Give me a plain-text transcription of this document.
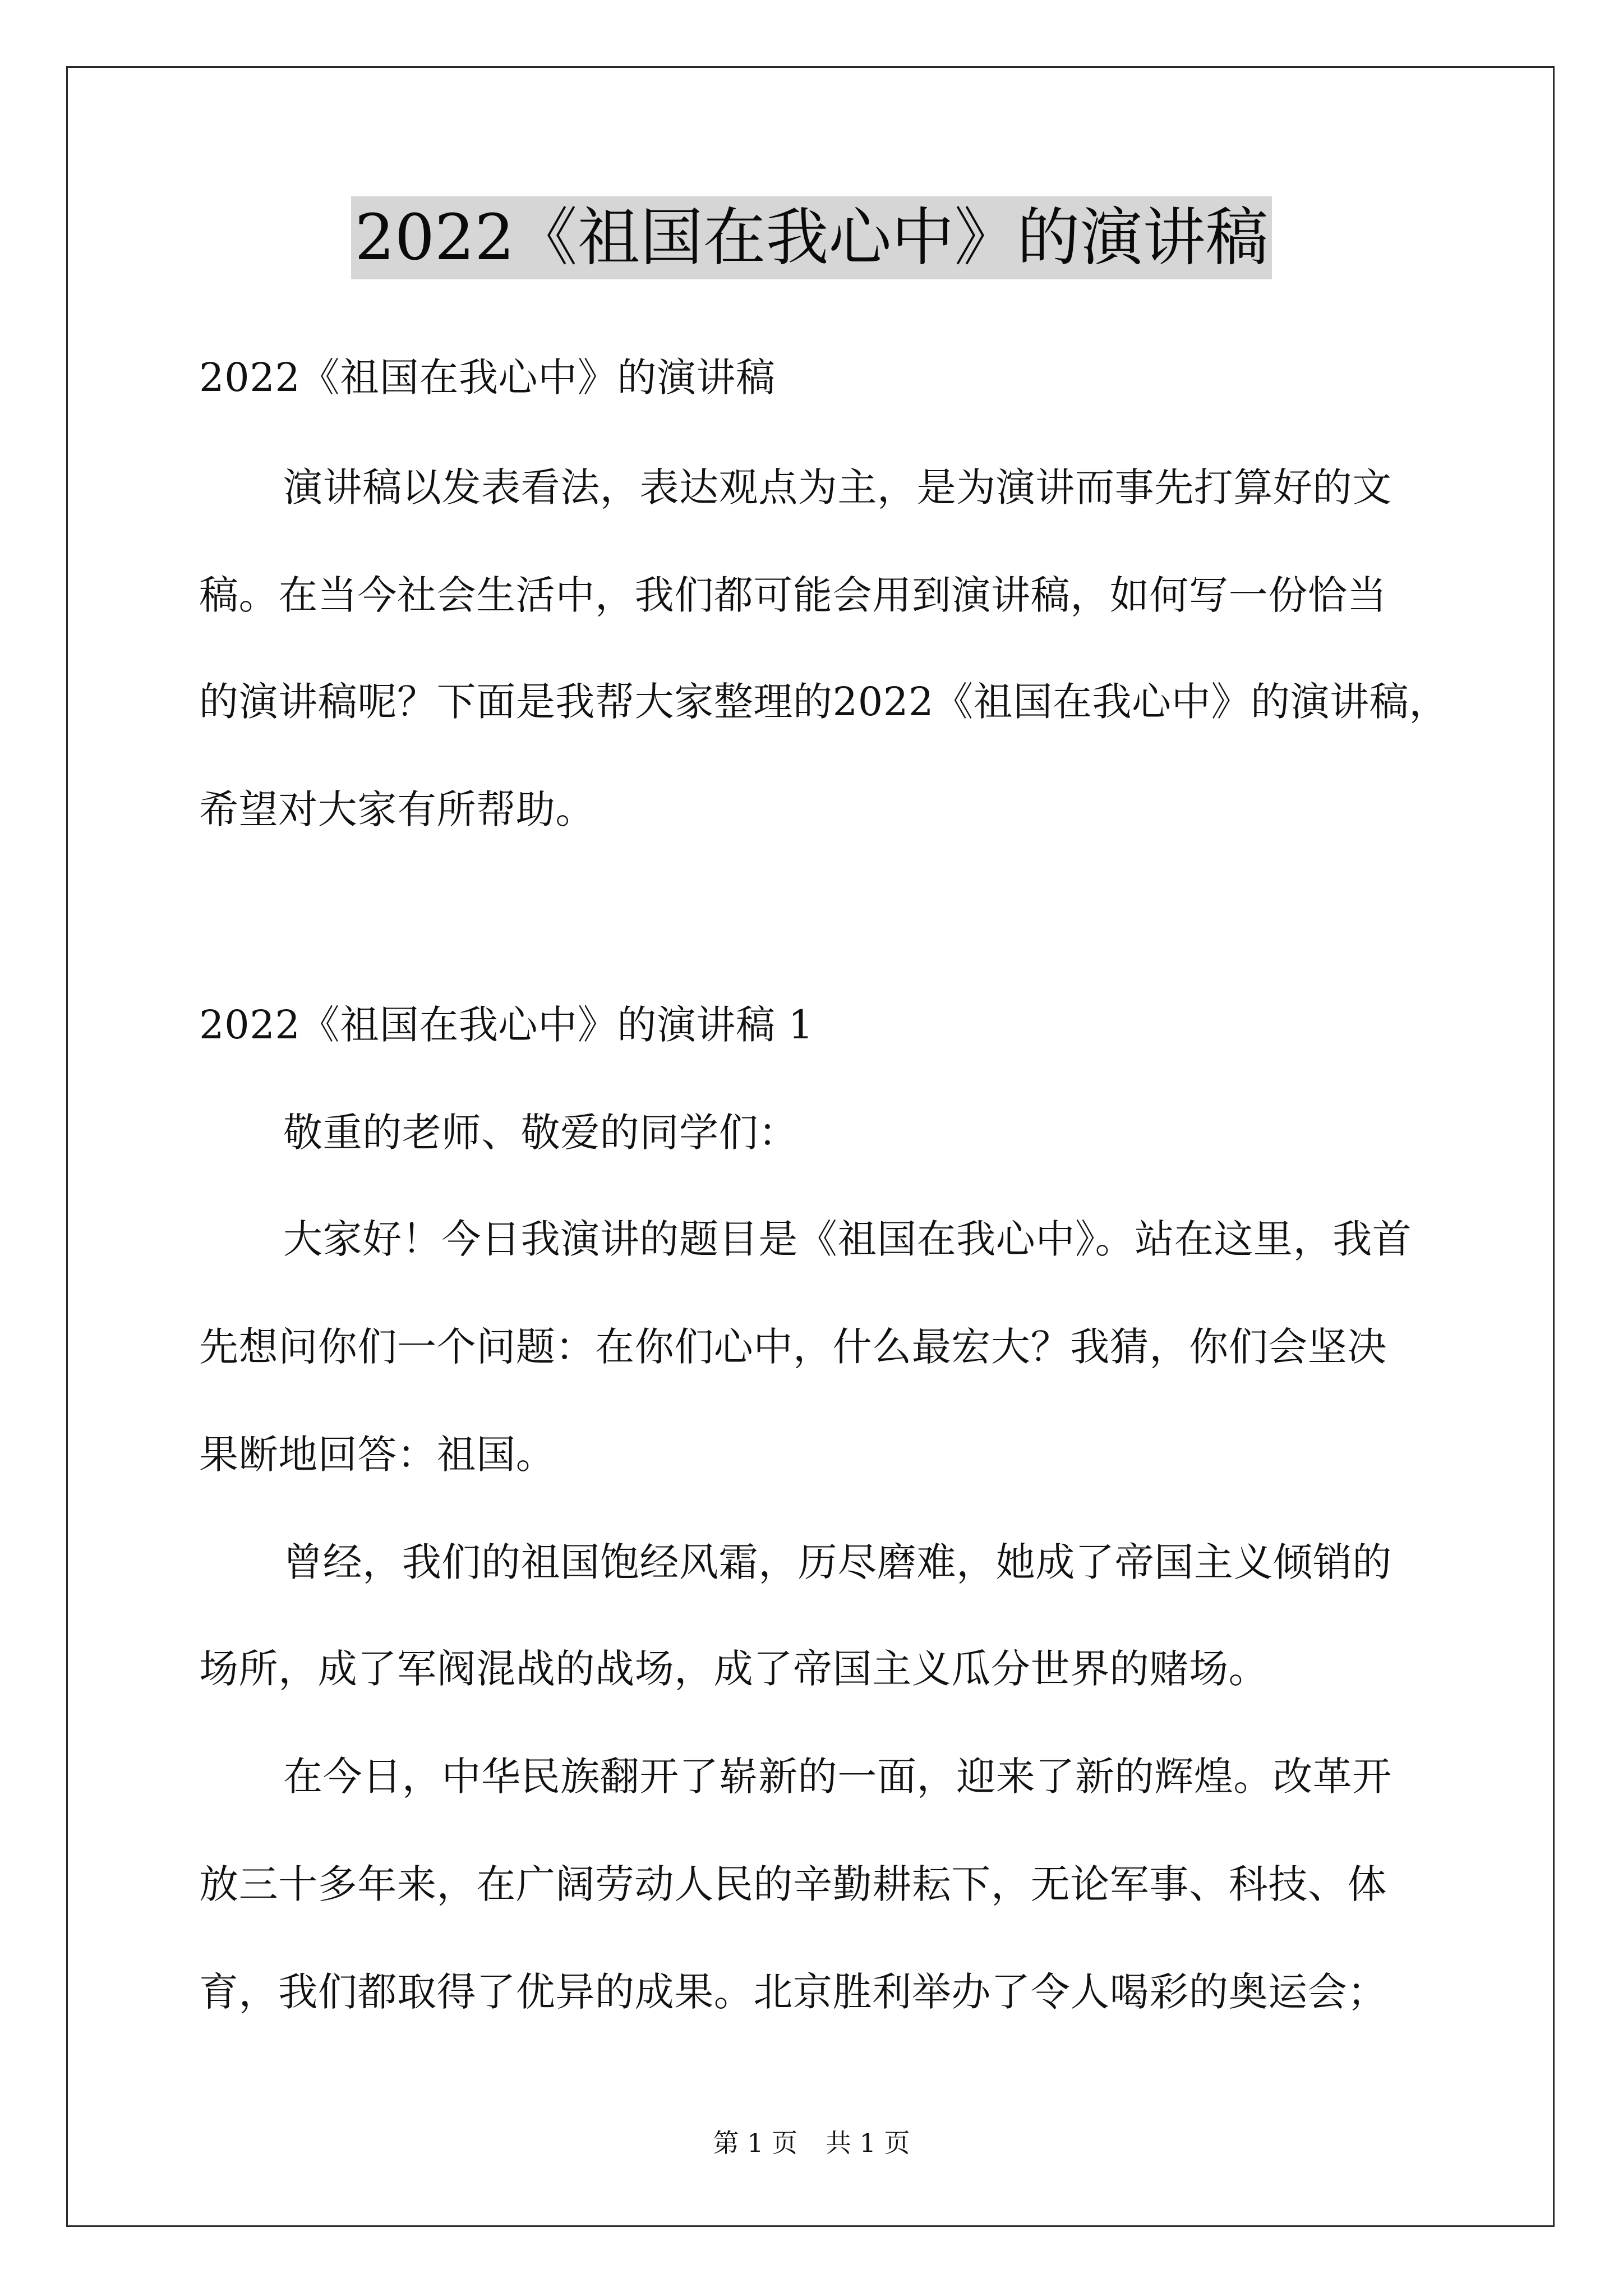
2022《祖国在我心中》的演讲稿
2022《祖国在我心中》的演讲稿
演讲稿以发表看法，表达观点为主，是为演讲而事先打算好的文
稿。在当今社会生活中，我们都可能会用到演讲稿，如何写一份恰当
的演讲稿呢？下面是我帮大家整理的2022《祖国在我心中》的演讲稿，
希望对大家有所帮助。
2022《祖国在我心中》的演讲稿 1
敬重的老师、敬爱的同学们：
大家好！今日我演讲的题目是《祖国在我心中》。站在这里，我首
先想问你们一个问题：在你们心中，什么最宏大？我猜，你们会坚决
果断地回答：祖国。
曾经，我们的祖国饱经风霜，历尽磨难，她成了帝国主义倾销的
场所，成了军阀混战的战场，成了帝国主义瓜分世界的赌场。
在今日，中华民族翻开了崭新的一面，迎来了新的辉煌。改革开
放三十多年来，在广阔劳动人民的辛勤耕耘下，无论军事、科技、体
育，我们都取得了优异的成果。北京胜利举办了令人喝彩的奥运会；
第 1 页 共 1 页
